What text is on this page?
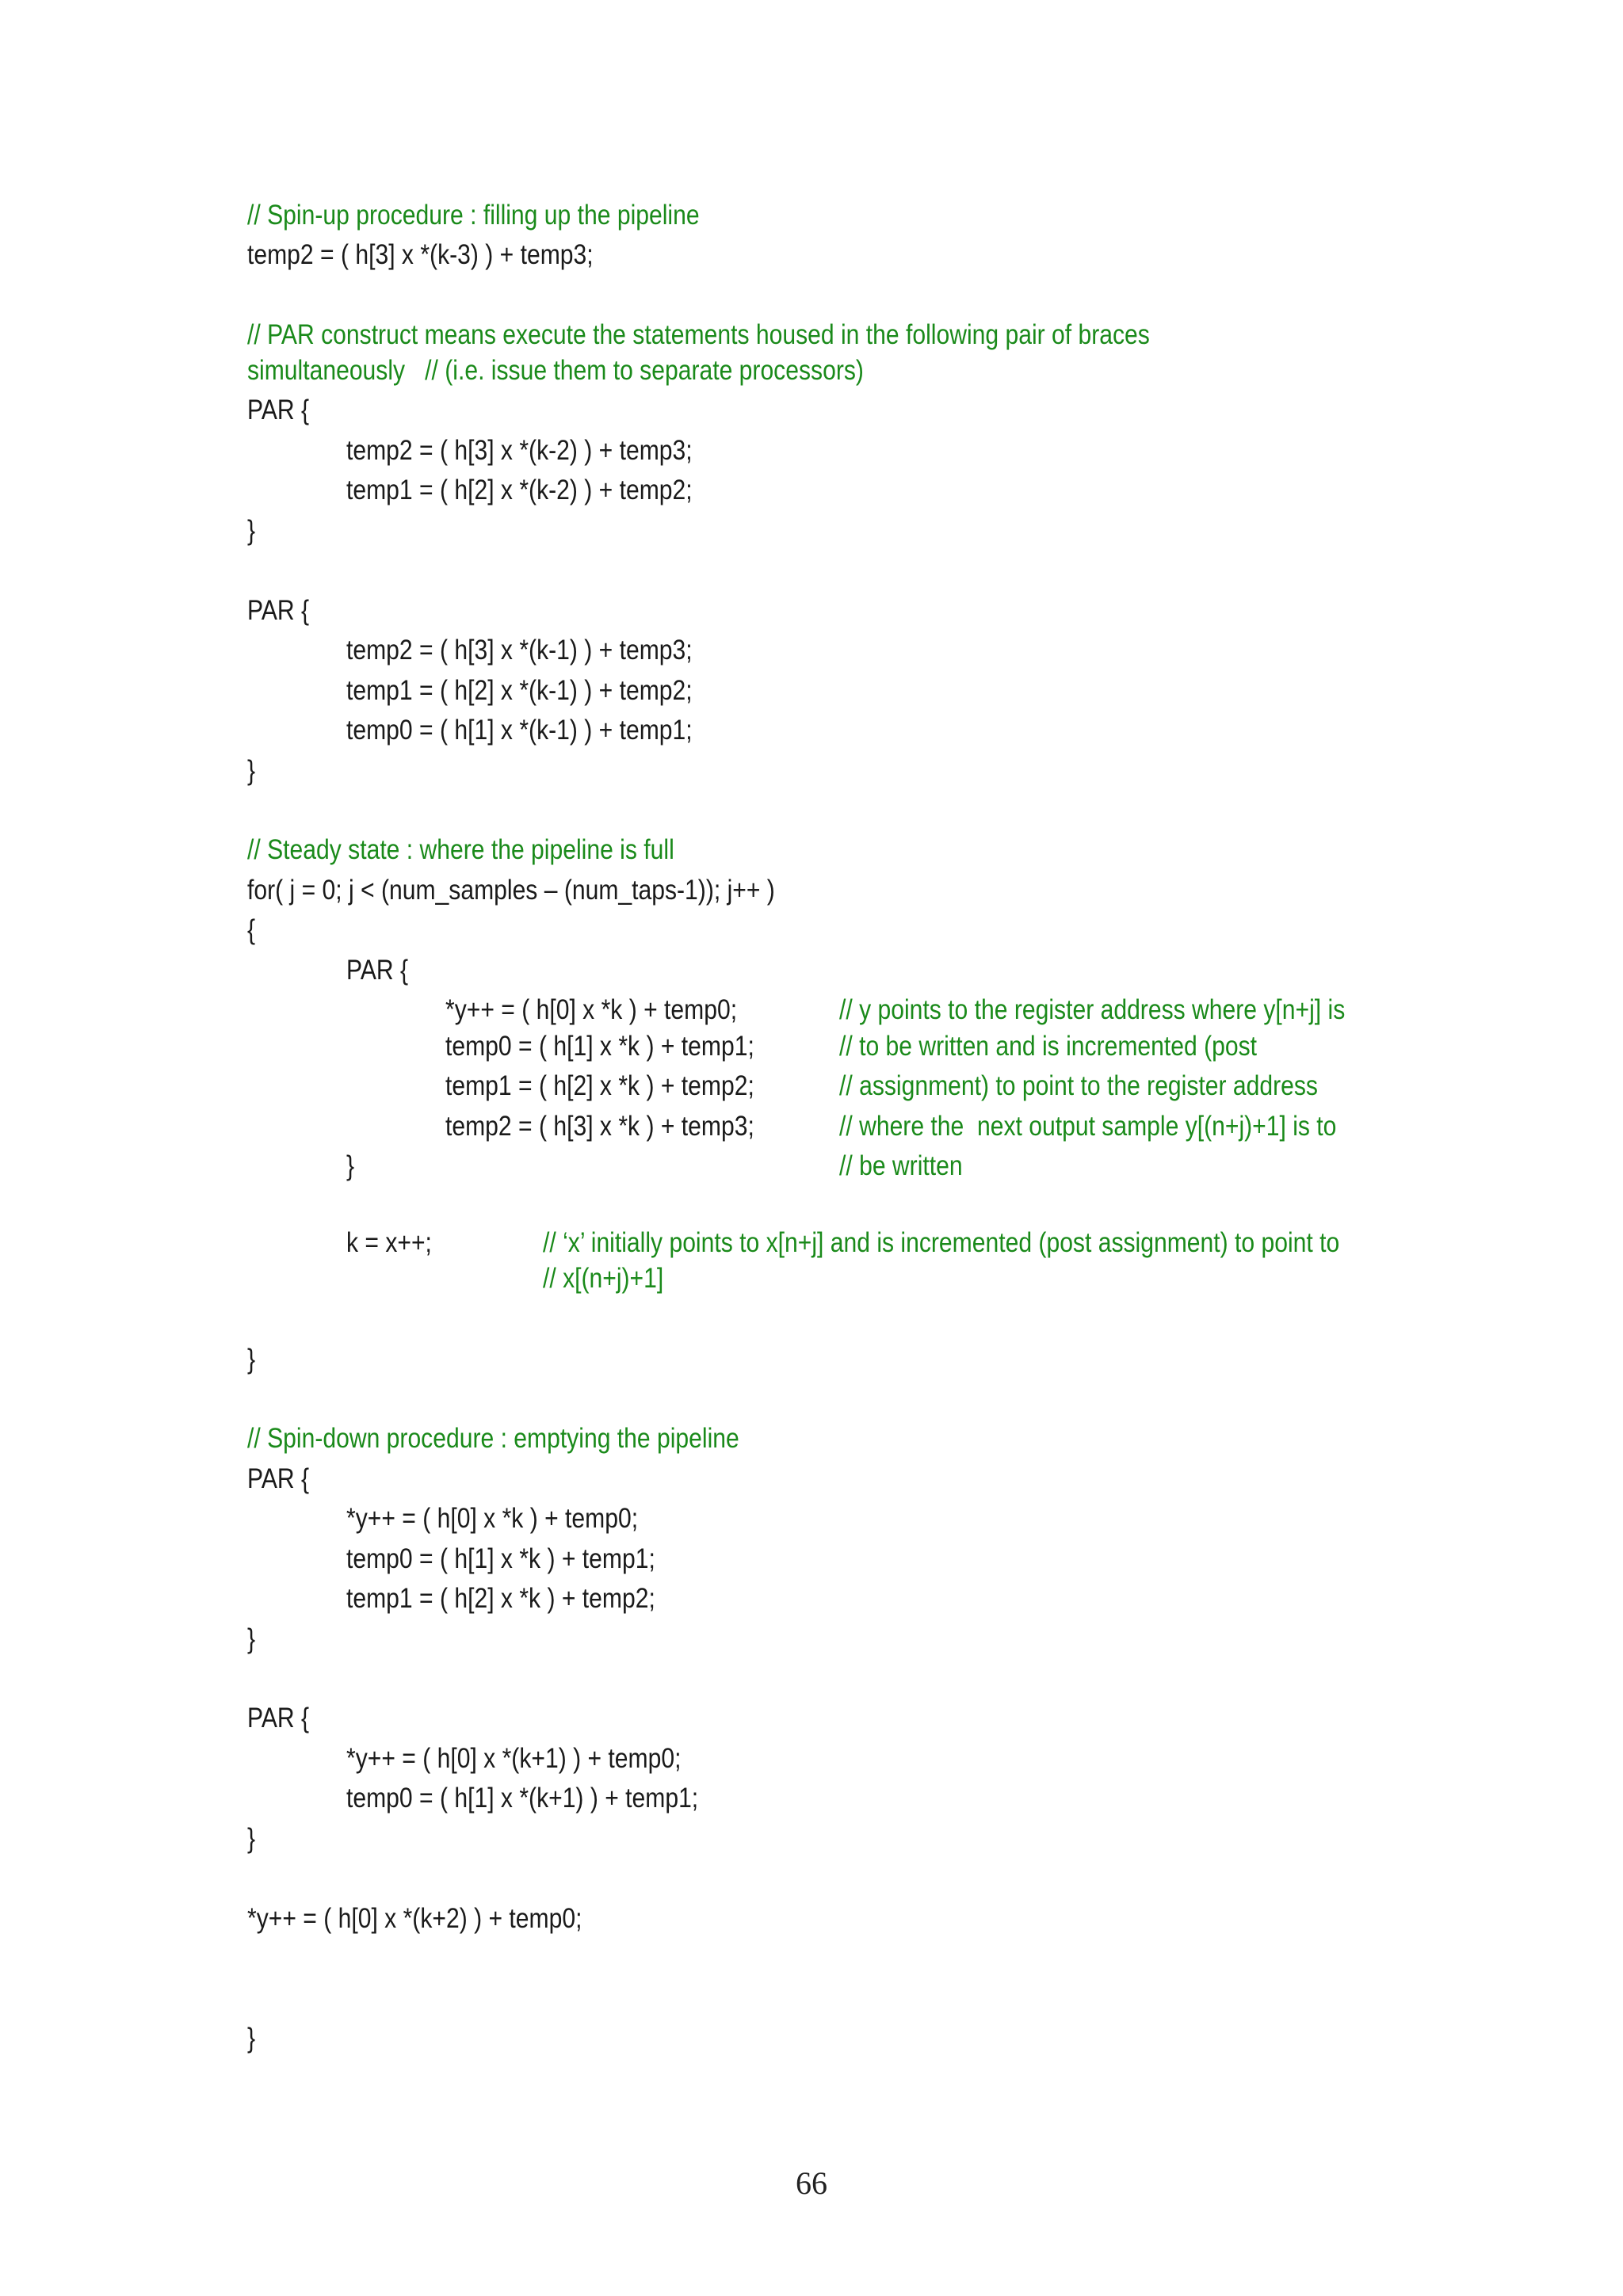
// Spin-up procedure : filling up the pipeline
temp2 = ( h[3] x *(k-3) ) + temp3;
// PAR construct means execute the statements housed in the following pair of braces
simultaneously   // (i.e. issue them to separate processors)
PAR {
temp2 = ( h[3] x *(k-2) ) + temp3;
temp1 = ( h[2] x *(k-2) ) + temp2;
}
PAR {
temp2 = ( h[3] x *(k-1) ) + temp3;
temp1 = ( h[2] x *(k-1) ) + temp2;
temp0 = ( h[1] x *(k-1) ) + temp1;
}
// Steady state : where the pipeline is full
for( j = 0; j < (num_samples – (num_taps-1)); j++ )
{
PAR {
*y++ = ( h[0] x *k ) + temp0;	// y points to the register address where y[n+j] is
temp0 = ( h[1] x *k ) + temp1;	// to be written and is incremented (post
temp1 = ( h[2] x *k ) + temp2;	// assignment) to point to the register address
temp2 = ( h[3] x *k ) + temp3;	// where the  next output sample y[(n+j)+1] is to
}	// be written
k = x++;	// ‘x’ initially points to x[n+j] and is incremented (post assignment) to point to
// x[(n+j)+1]
}
// Spin-down procedure : emptying the pipeline
PAR {
*y++ = ( h[0] x *k ) + temp0;
temp0 = ( h[1] x *k ) + temp1;
temp1 = ( h[2] x *k ) + temp2;
}
PAR {
*y++ = ( h[0] x *(k+1) ) + temp0;
temp0 = ( h[1] x *(k+1) ) + temp1;
}
*y++ = ( h[0] x *(k+2) ) + temp0;
}
66
